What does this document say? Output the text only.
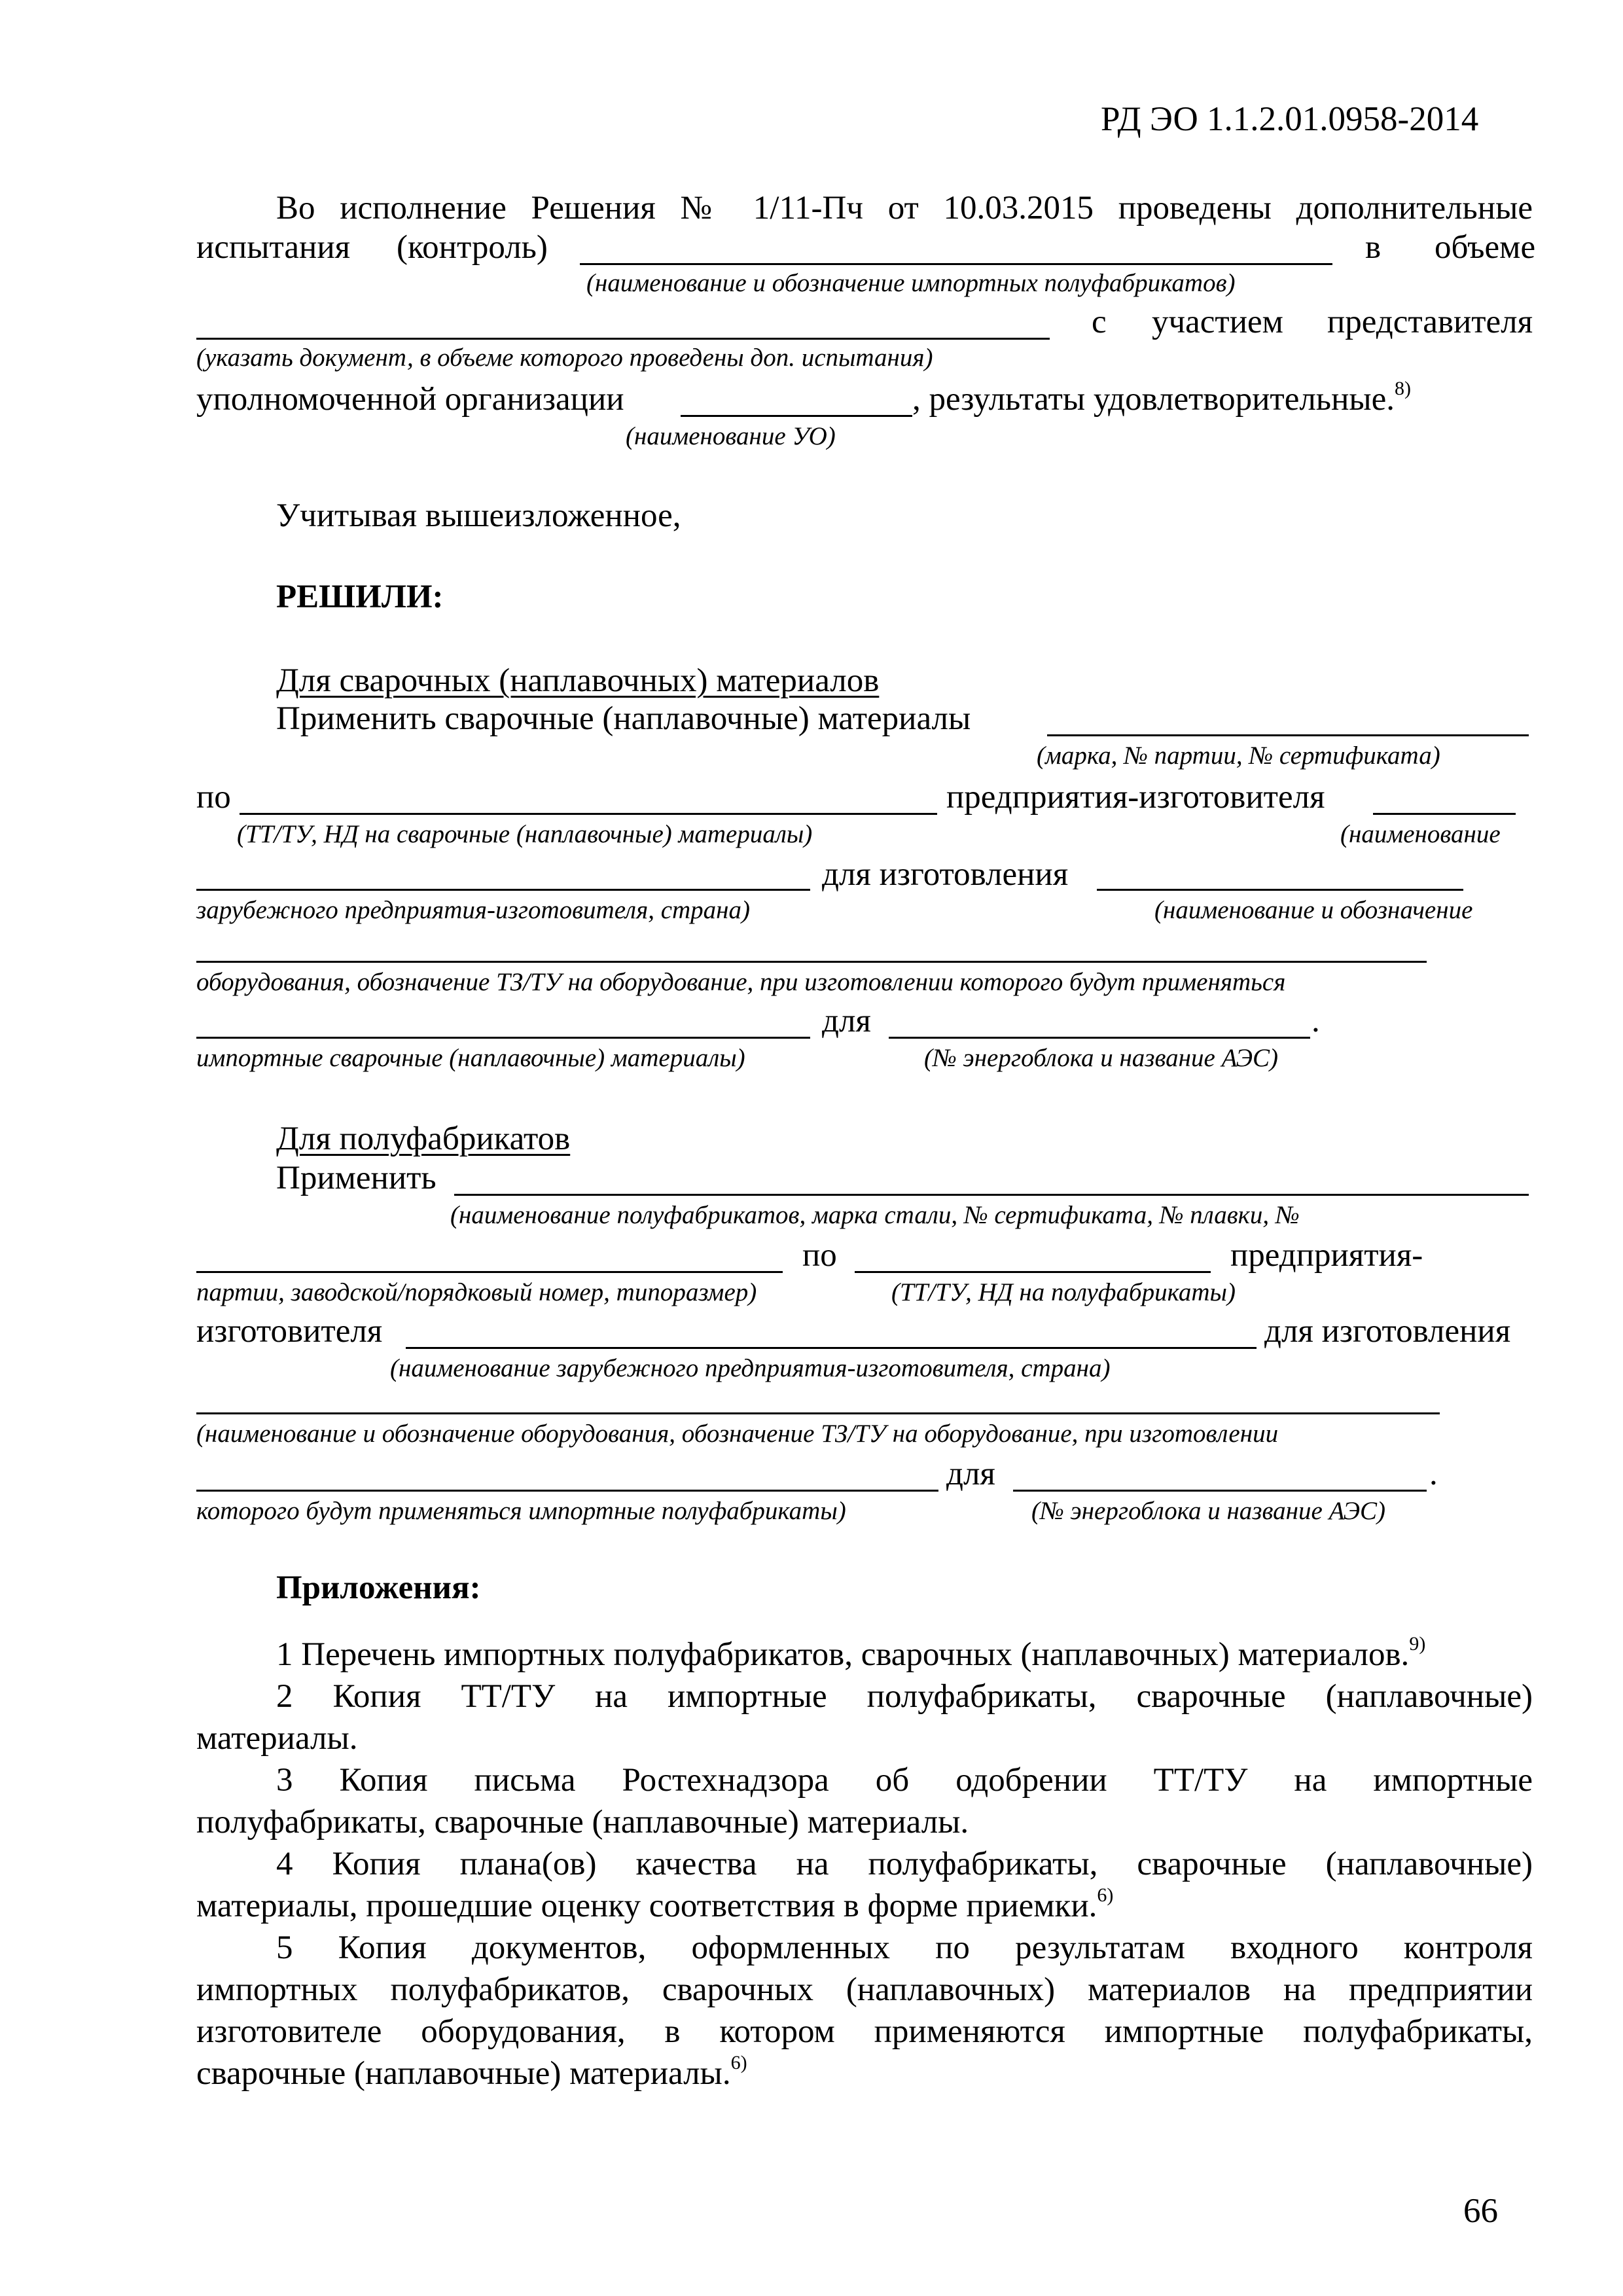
РД ЭО 1.1.2.01.0958-2014
Во исполнение Решения № 1/11-Пч от 10.03.2015 проведены дополнительные
испытания (контроль)	в объеме
(наименование и обозначение импортных полуфабрикатов)
с участием представителя
(указать документ, в объеме которого проведены доп. испытания)
уполномоченной организации	, результаты удовлетворительные.$^{8)}$
(наименование УО)
Учитывая вышеизложенное,
РЕШИЛИ:
Для сварочных (наплавочных) материалов
Применить сварочные (наплавочные) материалы
(марка, № партии, № сертификата)
по	предприятия-изготовителя
(ТТ/ТУ, НД на сварочные (наплавочные) материалы)	(наименование
для изготовления
зарубежного предприятия-изготовителя, страна)	(наименование и обозначение
оборудования, обозначение ТЗ/ТУ на оборудование, при изготовлении которого будут применяться
для	.
импортные сварочные (наплавочные) материалы)	(№ энергоблока и название АЭС)
Для полуфабрикатов
Применить
(наименование полуфабрикатов, марка стали, № сертификата, № плавки, №
по	предприятия-
партии, заводской/порядковый номер, типоразмер)	(ТТ/ТУ, НД на полуфабрикаты)
изготовителя	для изготовления
(наименование зарубежного предприятия-изготовителя, страна)
(наименование и обозначение оборудования, обозначение ТЗ/ТУ на оборудование, при изготовлении
для	.
которого будут применяться импортные полуфабрикаты)	(№ энергоблока и название АЭС)
Приложения:
1 Перечень импортных полуфабрикатов, сварочных (наплавочных) материалов.$^{9)}$
2 Копия ТТ/ТУ на импортные полуфабрикаты, сварочные (наплавочные)
материалы.
3 Копия письма Ростехнадзора об одобрении ТТ/ТУ на импортные
полуфабрикаты, сварочные (наплавочные) материалы.
4 Копия плана(ов) качества на полуфабрикаты, сварочные (наплавочные)
материалы, прошедшие оценку соответствия в форме приемки.$^{6)}$
5 Копия документов, оформленных по результатам входного контроля
импортных полуфабрикатов, сварочных (наплавочных) материалов на предприятии
изготовителе оборудования, в котором применяются импортные полуфабрикаты,
сварочные (наплавочные) материалы.$^{6)}$
66
